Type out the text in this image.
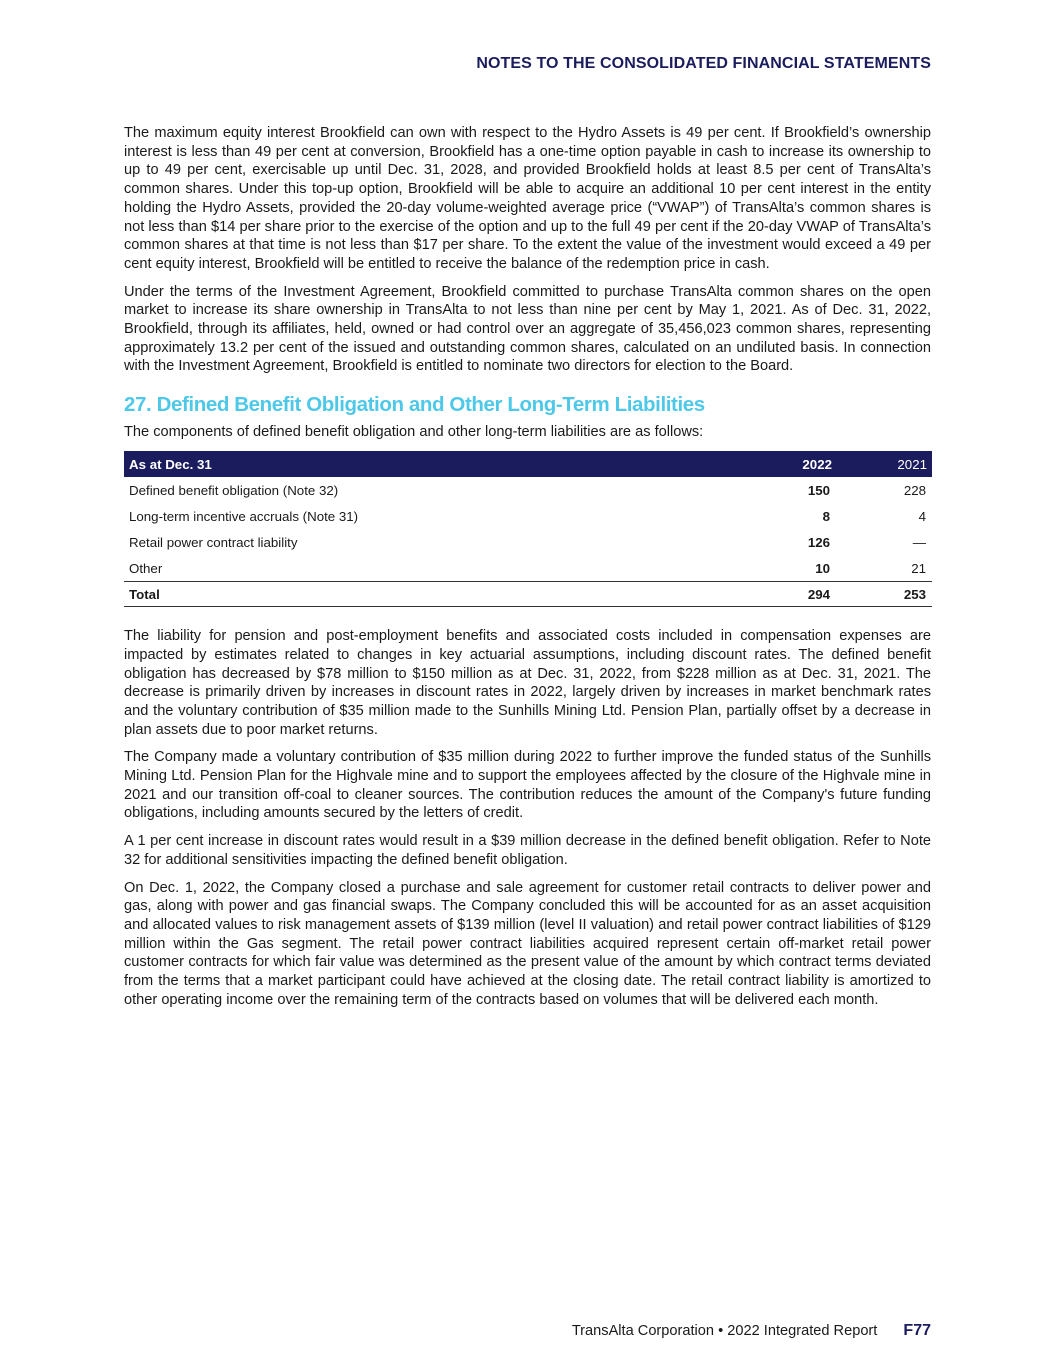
NOTES TO THE CONSOLIDATED FINANCIAL STATEMENTS

The maximum equity interest Brookfield can own with respect to the Hydro Assets is 49 per cent. If Brookfield’s ownership interest is less than 49 per cent at conversion, Brookfield has a one-time option payable in cash to increase its ownership to up to 49 per cent, exercisable up until Dec. 31, 2028, and provided Brookfield holds at least 8.5 per cent of TransAlta’s common shares. Under this top-up option, Brookfield will be able to acquire an additional 10 per cent interest in the entity holding the Hydro Assets, provided the 20-day volume-weighted average price (“VWAP”) of TransAlta’s common shares is not less than $14 per share prior to the exercise of the option and up to the full 49 per cent if the 20-day VWAP of TransAlta’s common shares at that time is not less than $17 per share. To the extent the value of the investment would exceed a 49 per cent equity interest, Brookfield will be entitled to receive the balance of the redemption price in cash.

Under the terms of the Investment Agreement, Brookfield committed to purchase TransAlta common shares on the open market to increase its share ownership in TransAlta to not less than nine per cent by May 1, 2021. As of Dec. 31, 2022, Brookfield, through its affiliates, held, owned or had control over an aggregate of 35,456,023 common shares, representing approximately 13.2 per cent of the issued and outstanding common shares, calculated on an undiluted basis. In connection with the Investment Agreement, Brookfield is entitled to nominate two directors for election to the Board.

27. Defined Benefit Obligation and Other Long-Term Liabilities

The components of defined benefit obligation and other long-term liabilities are as follows:

As at Dec. 31	2022	2021
Defined benefit obligation (Note 32)	150	228
Long-term incentive accruals (Note 31)	8	4
Retail power contract liability	126	—
Other	10	21
Total	294	253

The liability for pension and post-employment benefits and associated costs included in compensation expenses are impacted by estimates related to changes in key actuarial assumptions, including discount rates. The defined benefit obligation has decreased by $78 million to $150 million as at Dec. 31, 2022, from $228 million as at Dec. 31, 2021. The decrease is primarily driven by increases in discount rates in 2022, largely driven by increases in market benchmark rates and the voluntary contribution of $35 million made to the Sunhills Mining Ltd. Pension Plan, partially offset by a decrease in plan assets due to poor market returns.

The Company made a voluntary contribution of $35 million during 2022 to further improve the funded status of the Sunhills Mining Ltd. Pension Plan for the Highvale mine and to support the employees affected by the closure of the Highvale mine in 2021 and our transition off-coal to cleaner sources. The contribution reduces the amount of the Company's future funding obligations, including amounts secured by the letters of credit.

A 1 per cent increase in discount rates would result in a $39 million decrease in the defined benefit obligation. Refer to Note 32 for additional sensitivities impacting the defined benefit obligation.

On Dec. 1, 2022, the Company closed a purchase and sale agreement for customer retail contracts to deliver power and gas, along with power and gas financial swaps. The Company concluded this will be accounted for as an asset acquisition and allocated values to risk management assets of $139 million (level II valuation) and retail power contract liabilities of $129 million within the Gas segment. The retail power contract liabilities acquired represent certain off-market retail power customer contracts for which fair value was determined as the present value of the amount by which contract terms deviated from the terms that a market participant could have achieved at the closing date. The retail contract liability is amortized to other operating income over the remaining term of the contracts based on volumes that will be delivered each month.

TransAlta Corporation • 2022 Integrated Report F77
